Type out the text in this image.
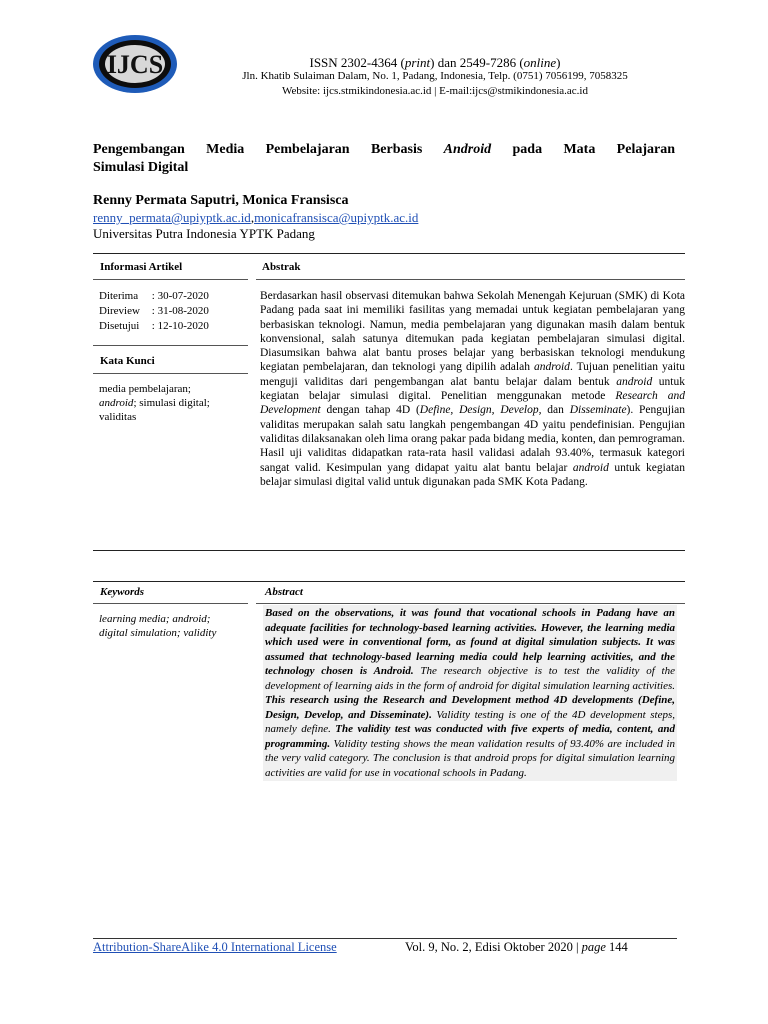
IJCS	ISSN 2302-4364 (print) dan 2549-7286 (online)
Jln. Khatib Sulaiman Dalam, No. 1, Padang, Indonesia, Telp. (0751) 7056199, 7058325
Website: ijcs.stmikindonesia.ac.id | E-mail:ijcs@stmikindonesia.ac.id
Pengembangan Media Pembelajaran Berbasis Android pada Mata Pelajaran
Simulasi Digital
Renny Permata Saputri, Monica Fransisca
renny_permata@upiyptk.ac.id,monicafransisca@upiyptk.ac.id
Universitas Putra Indonesia YPTK Padang
Informasi Artikel	Abstrak
Diterima : 30-07-2020
Direview : 31-08-2020
Disetujui : 12-10-2020
Kata Kunci
media pembelajaran;
android; simulasi digital;
validitas
Berdasarkan hasil observasi ditemukan bahwa Sekolah Menengah Kejuruan (SMK) di Kota Padang pada saat ini memiliki fasilitas yang memadai untuk kegiatan pembelajaran yang berbasiskan teknologi. Namun, media pembelajaran yang digunakan masih dalam bentuk konvensional, salah satunya ditemukan pada kegiatan pembelajaran simulasi digital. Diasumsikan bahwa alat bantu proses belajar yang berbasiskan teknologi mendukung kegiatan pembelajaran, dan teknologi yang dipilih adalah android. Tujuan penelitian yaitu menguji validitas dari pengembangan alat bantu belajar dalam bentuk android untuk kegiatan belajar simulasi digital. Penelitian menggunakan metode Research and Development dengan tahap 4D (Define, Design, Develop, dan Disseminate). Pengujian validitas merupakan salah satu langkah pengembangan 4D yaitu pendefinisian. Pengujian validitas dilaksanakan oleh lima orang pakar pada bidang media, konten, dan pemrograman. Hasil uji validitas didapatkan rata-rata hasil validasi adalah 93.40%, termasuk kategori sangat valid. Kesimpulan yang didapat yaitu alat bantu belajar android untuk kegiatan belajar simulasi digital valid untuk digunakan pada SMK Kota Padang.
Keywords	Abstract
learning media; android;
digital simulation; validity
Based on the observations, it was found that vocational schools in Padang have an adequate facilities for technology-based learning activities. However, the learning media which used were in conventional form, as found at digital simulation subjects. It was assumed that technology-based learning media could help learning activities, and the technology chosen is Android. The research objective is to test the validity of the development of learning aids in the form of android for digital simulation learning activities. This research using the Research and Development method 4D developments (Define, Design, Develop, and Disseminate). Validity testing is one of the 4D development steps, namely define. The validity test was conducted with five experts of media, content, and programming. Validity testing shows the mean validation results of 93.40% are included in the very valid category. The conclusion is that android props for digital simulation learning activities are valid for use in vocational schools in Padang.
Attribution-ShareAlike 4.0 International License	Vol. 9, No. 2, Edisi Oktober 2020 | page 144
